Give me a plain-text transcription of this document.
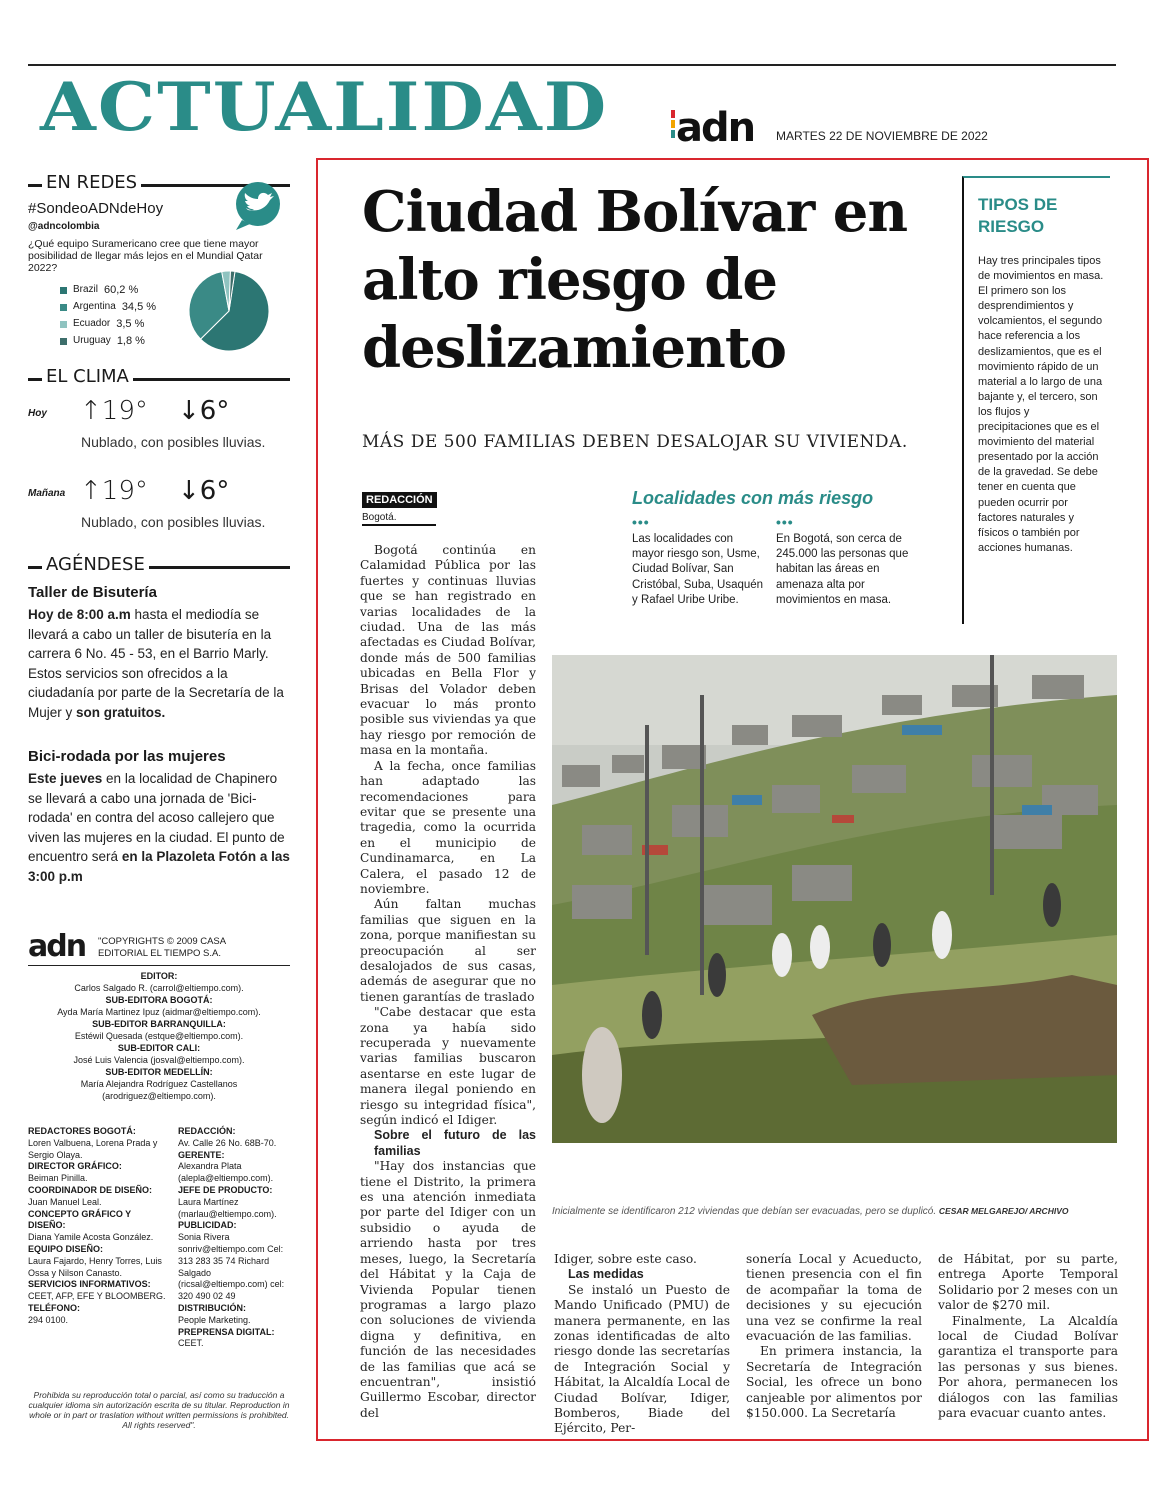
ACTUALIDAD adn MARTES 22 DE NOVIEMBRE DE 2022
EN REDES
#SondeoADNdeHoy
@adncolombia
¿Qué equipo Suramericano cree que tiene mayor posibilidad de llegar más lejos en el Mundial Qatar 2022?
Brazil 60,2 %
Argentina 34,5 %
Ecuador 3,5 %
Uruguay 1,8 %
EL CLIMA
Hoy ↑19° ↓6°
Nublado, con posibles lluvias.
Mañana ↑19° ↓6°
Nublado, con posibles lluvias.
AGÉNDESE
Taller de Bisutería
Hoy de 8:00 a.m hasta el mediodía se llevará a cabo un taller de bisutería en la carrera 6 No. 45 - 53, en el Barrio Marly. Estos servicios son ofrecidos a la ciudadanía por parte de la Secretaría de la Mujer y son gratuitos.
Bici-rodada por las mujeres
Este jueves en la localidad de Chapinero se llevará a cabo una jornada de 'Bici-rodada' en contra del acoso callejero que viven las mujeres en la ciudad. El punto de encuentro será en la Plazoleta Fotón a las 3:00 p.m
adn "COPYRIGHTS © 2009 CASA
EDITORIAL EL TIEMPO S.A.
EDITOR:
Carlos Salgado R. (carrol@eltiempo.com).
SUB-EDITORA BOGOTÁ:
Ayda María Martinez Ipuz (aidmar@eltiempo.com).
SUB-EDITOR BARRANQUILLA:
Estéwil Quesada (estque@eltiempo.com).
SUB-EDITOR CALI:
José Luis Valencia (josval@eltiempo.com).
SUB-EDITOR MEDELLÍN:
María Alejandra Rodríguez Castellanos (arodriguez@eltiempo.com).
REDACTORES BOGOTÁ:
Loren Valbuena, Lorena Prada y Sergio Olaya.
DIRECTOR GRÁFICO:
Beiman Pinilla.
COORDINADOR DE DISEÑO:
Juan Manuel Leal.
CONCEPTO GRÁFICO Y DISEÑO:
Diana Yamile Acosta González.
EQUIPO DISEÑO:
Laura Fajardo, Henry Torres, Luis Ossa y Nilson Canasto.
SERVICIOS INFORMATIVOS:
CEET, AFP, EFE Y BLOOMBERG.
TELÉFONO:
294 0100.
REDACCIÓN:
Av. Calle 26 No. 68B-70.
GERENTE:
Alexandra Plata (alepla@eltiempo.com).
JEFE DE PRODUCTO:
Laura Martínez (marlau@eltiempo.com).
PUBLICIDAD:
Sonia Rivera sonriv@eltiempo.com Cel: 313 283 35 74 Richard Salgado (ricsal@eltiempo.com) cel: 320 490 02 49
DISTRIBUCIÓN:
People Marketing.
PREPRENSA DIGITAL:
CEET.
Prohibida su reproducción total o parcial, así como su traducción a cualquier idioma sin autorización escrita de su titular. Reproduction in whole or in part or traslation without written permissions is prohibited. All rights reserved".
Ciudad Bolívar en alto riesgo de deslizamiento
MÁS DE 500 FAMILIAS DEBEN DESALOJAR SU VIVIENDA.
REDACCIÓN
Bogotá.
TIPOS DE RIESGO
Hay tres principales tipos de movimientos en masa. El primero son los desprendimientos y volcamientos, el segundo hace referencia a los deslizamientos, que es el movimiento rápido de un material a lo largo de una bajante y, el tercero, son los flujos y precipitaciones que es el movimiento del material presentado por la acción de la gravedad. Se debe tener en cuenta que pueden ocurrir por factores naturales y físicos o también por acciones humanas.
Localidades con más riesgo
•••	•••
Las localidades con mayor riesgo son, Usme, Ciudad Bolívar, San Cristóbal, Suba, Usaquén y Rafael Uribe Uribe.
En Bogotá, son cerca de 245.000 las personas que habitan las áreas en amenaza alta por movimientos en masa.

Bogotá continúa en Calamidad Pública por las fuertes y continuas lluvias que se han registrado en varias localidades de la ciudad. Una de las más afectadas es Ciudad Bolívar, donde más de 500 familias ubicadas en Bella Flor y Brisas del Volador deben evacuar lo más pronto posible sus viviendas ya que hay riesgo por remoción de masa en la montaña.

A la fecha, once familias han adaptado las recomendaciones para evitar que se presente una tragedia, como la ocurrida en el municipio de Cundinamarca, en La Calera, el pasado 12 de noviembre.

Aún faltan muchas familias que siguen en la zona, porque manifiestan su preocupación al ser desalojados de sus casas, además de asegurar que no tienen garantías de traslado

"Cabe destacar que esta zona ya había sido recuperada y nuevamente varias familias buscaron asentarse en este lugar de manera ilegal poniendo en riesgo su integridad física", según indicó el Idiger.

Sobre el futuro de las familias

"Hay dos instancias que tiene el Distrito, la primera es una atención inmediata por parte del Idiger con un subsidio o ayuda de arriendo hasta por tres meses, luego, la Secretaría del Hábitat y la Caja de Vivienda Popular tienen programas a largo plazo con soluciones de vivienda digna y definitiva, en función de las necesidades de las familias que acá se encuentran", insistió Guillermo Escobar, director del

Inicialmente se identificaron 212 viviendas que debían ser evacuadas, pero se duplicó. CESAR MELGAREJO/ ARCHIVO

Idiger, sobre este caso.

Las medidas

Se instaló un Puesto de Mando Unificado (PMU) de manera permanente, en las zonas identificadas de alto riesgo donde las secretarías de Integración Social y Hábitat, la Alcaldía Local de Ciudad Bolívar, Idiger, Bomberos, Biade del Ejército, Per-

sonería Local y Acueducto, tienen presencia con el fin de acompañar la toma de decisiones y su ejecución una vez se confirme la real evacuación de las familias.

En primera instancia, la Secretaría de Integración Social, les ofrece un bono canjeable por alimentos por $150.000. La Secretaría

de Hábitat, por su parte, entrega Aporte Temporal Solidario por 2 meses con un valor de $270 mil.

Finalmente, La Alcaldía local de Ciudad Bolívar garantiza el transporte para las personas y sus bienes. Por ahora, permanecen los diálogos con las familias para evacuar cuanto antes.
